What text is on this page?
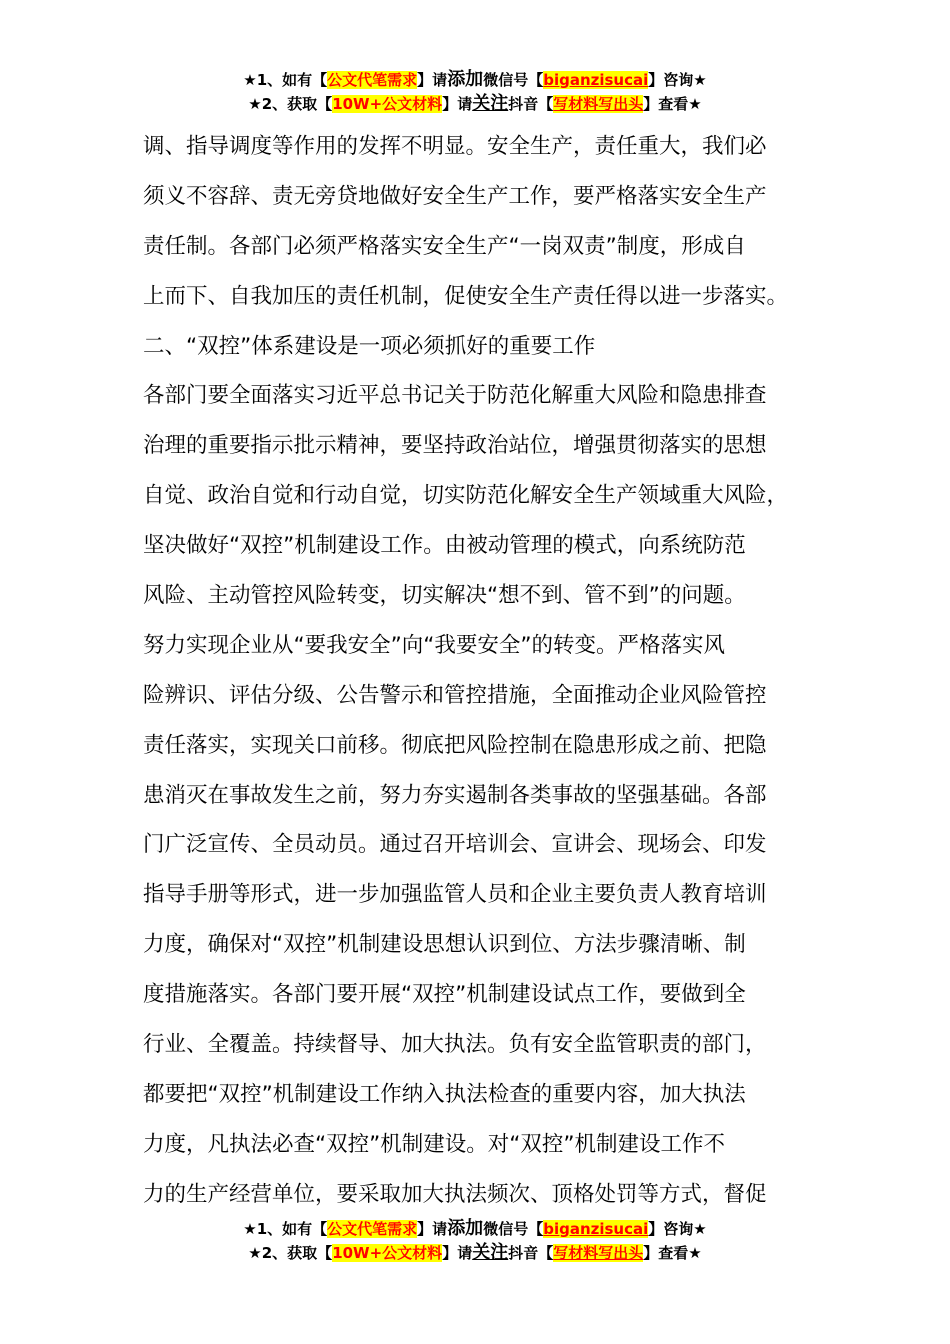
★1、如有【公文代笔需求】请添加微信号【biganzisucai】咨询★
★2、获取【10W+公文材料】请关注抖音【写材料写出头】查看★
调、指导调度等作用的发挥不明显。安全生产，责任重大，我们必
须义不容辞、责无旁贷地做好安全生产工作，要严格落实安全生产
责任制。各部门必须严格落实安全生产“一岗双责”制度，形成自
上而下、自我加压的责任机制，促使安全生产责任得以进一步落实。
二、“双控”体系建设是一项必须抓好的重要工作
各部门要全面落实习近平总书记关于防范化解重大风险和隐患排查
治理的重要指示批示精神，要坚持政治站位，增强贯彻落实的思想
自觉、政治自觉和行动自觉，切实防范化解安全生产领域重大风险，
坚决做好“双控”机制建设工作。由被动管理的模式，向系统防范
风险、主动管控风险转变，切实解决“想不到、管不到”的问题。
努力实现企业从“要我安全”向“我要安全”的转变。严格落实风
险辨识、评估分级、公告警示和管控措施，全面推动企业风险管控
责任落实，实现关口前移。彻底把风险控制在隐患形成之前、把隐
患消灭在事故发生之前，努力夯实遏制各类事故的坚强基础。各部
门广泛宣传、全员动员。通过召开培训会、宣讲会、现场会、印发
指导手册等形式，进一步加强监管人员和企业主要负责人教育培训
力度，确保对“双控”机制建设思想认识到位、方法步骤清晰、制
度措施落实。各部门要开展“双控”机制建设试点工作，要做到全
行业、全覆盖。持续督导、加大执法。负有安全监管职责的部门，
都要把“双控”机制建设工作纳入执法检查的重要内容，加大执法
力度，凡执法必查“双控”机制建设。对“双控”机制建设工作不
力的生产经营单位，要采取加大执法频次、顶格处罚等方式，督促
★1、如有【公文代笔需求】请添加微信号【biganzisucai】咨询★
★2、获取【10W+公文材料】请关注抖音【写材料写出头】查看★
